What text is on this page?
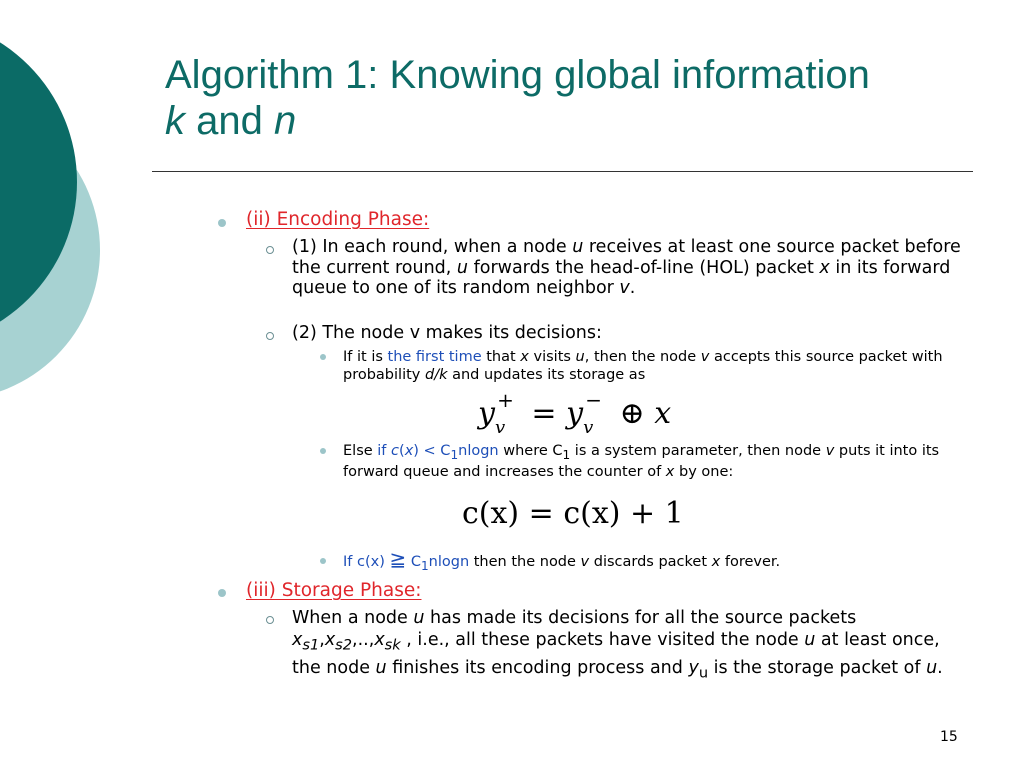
Algorithm 1: Knowing global information
k and n

(ii) Encoding Phase:

(1) In each round, when a node u receives at least one source packet before the current round, u forwards the head-of-line (HOL) packet x in its forward queue to one of its random neighbor v.

(2) The node v makes its decisions:

If it is the first time that x visits u, then the node v accepts this source packet with probability d/k and updates its storage as

$y_v^+ = y_v^-$ ⊕ x

Else if $c(x) < C_1nlogn$ where $C_1$ is a system parameter, then node v puts it into its forward queue and increases the counter of x by one:

c(x) = c(x) + 1

If c(x) ≧ $C_1nlogn$ then the node v discards packet x forever.

(iii) Storage Phase:

When a node u has made its decisions for all the source packets $x_{s1},x_{s2},..,x_{sk}$ , i.e., all these packets have visited the node u at least once, the node u finishes its encoding process and $y_u$ is the storage packet of u.

15
